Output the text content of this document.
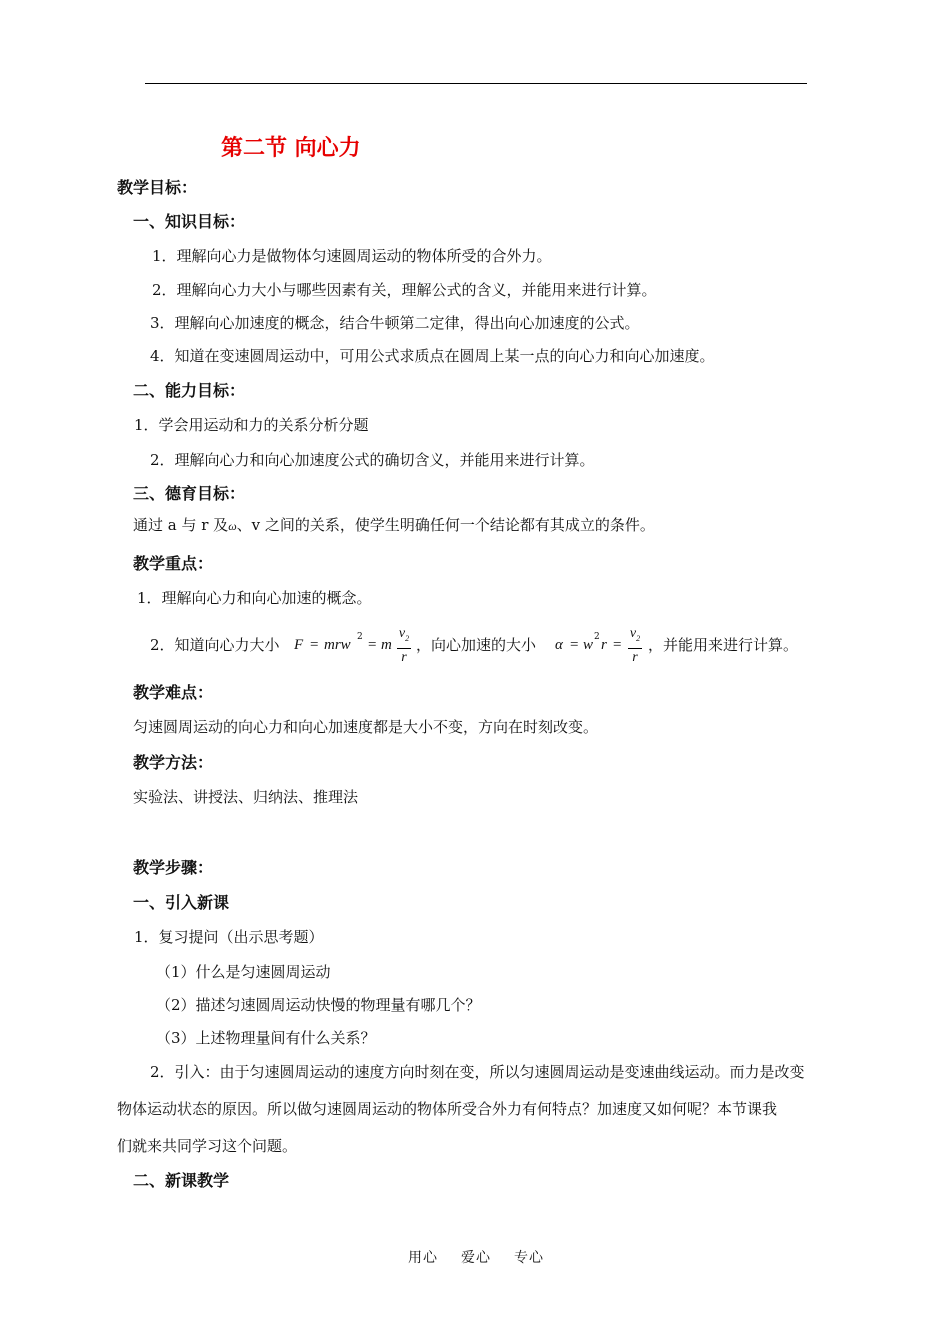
第二节 向心力
教学目标：
一、知识目标：
1．理解向心力是做物体匀速圆周运动的物体所受的合外力。
2．理解向心力大小与哪些因素有关，理解公式的含义，并能用来进行计算。
3．理解向心加速度的概念，结合牛顿第二定律，得出向心加速度的公式。
4．知道在变速圆周运动中，可用公式求质点在圆周上某一点的向心力和向心加速度。
二、能力目标：
1．学会用运动和力的关系分析分题
2．理解向心力和向心加速度公式的确切含义，并能用来进行计算。
三、德育目标：
通过 a 与 r 及ω、v 之间的关系，使学生明确任何一个结论都有其成立的条件。
教学重点：
1．理解向心力和向心加速的概念。
2．知道向心力大小 F = mrw 2 = m
$v_2$
r
，向心加速的大小 α = w 2 r =
$v_2$
r
，并能用来进行计算。
教学难点：
匀速圆周运动的向心力和向心加速度都是大小不变，方向在时刻改变。
教学方法：
实验法、讲授法、归纳法、推理法
教学步骤：
一、引入新课
1．复习提问（出示思考题）
（1）什么是匀速圆周运动
（2）描述匀速圆周运动快慢的物理量有哪几个？
（3）上述物理量间有什么关系？
2．引入：由于匀速圆周运动的速度方向时刻在变，所以匀速圆周运动是变速曲线运动。而力是改变
物体运动状态的原因。所以做匀速圆周运动的物体所受合外力有何特点？加速度又如何呢？本节课我
们就来共同学习这个问题。
二、新课教学
用心 爱心 专心
